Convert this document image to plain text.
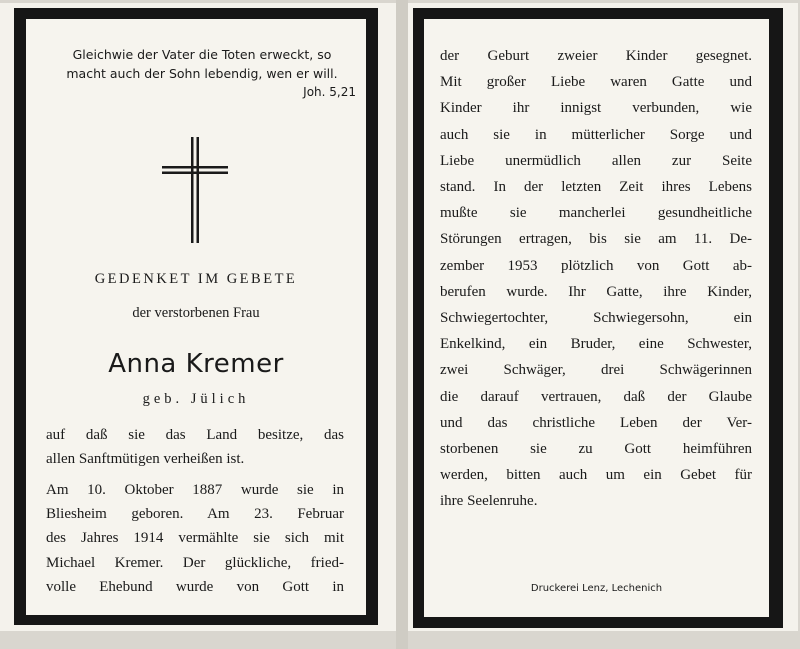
Gleichwie der Vater die Toten erweckt, so
macht auch der Sohn lebendig, wen er will.
Joh. 5,21
GEDENKET IM GEBETE
der verstorbenen Frau
Anna Kremer
geb. Jülich
auf daß sie das Land besitze, das
allen Sanftmütigen verheißen ist.
Am 10. Oktober 1887 wurde sie in
Bliesheim geboren. Am 23. Februar
des Jahres 1914 vermählte sie sich mit
Michael Kremer. Der glückliche, fried-
volle Ehebund wurde von Gott in
der Geburt zweier Kinder gesegnet.
Mit großer Liebe waren Gatte und
Kinder ihr innigst verbunden, wie
auch sie in mütterlicher Sorge und
Liebe unermüdlich allen zur Seite
stand. In der letzten Zeit ihres Lebens
mußte sie mancherlei gesundheitliche
Störungen ertragen, bis sie am 11. De-
zember 1953 plötzlich von Gott ab-
berufen wurde. Ihr Gatte, ihre Kinder,
Schwiegertochter, Schwiegersohn, ein
Enkelkind, ein Bruder, eine Schwester,
zwei Schwäger, drei Schwägerinnen
die darauf vertrauen, daß der Glaube
und das christliche Leben der Ver-
storbenen sie zu Gott heimführen
werden, bitten auch um ein Gebet für
ihre Seelenruhe.
Druckerei Lenz, Lechenich
